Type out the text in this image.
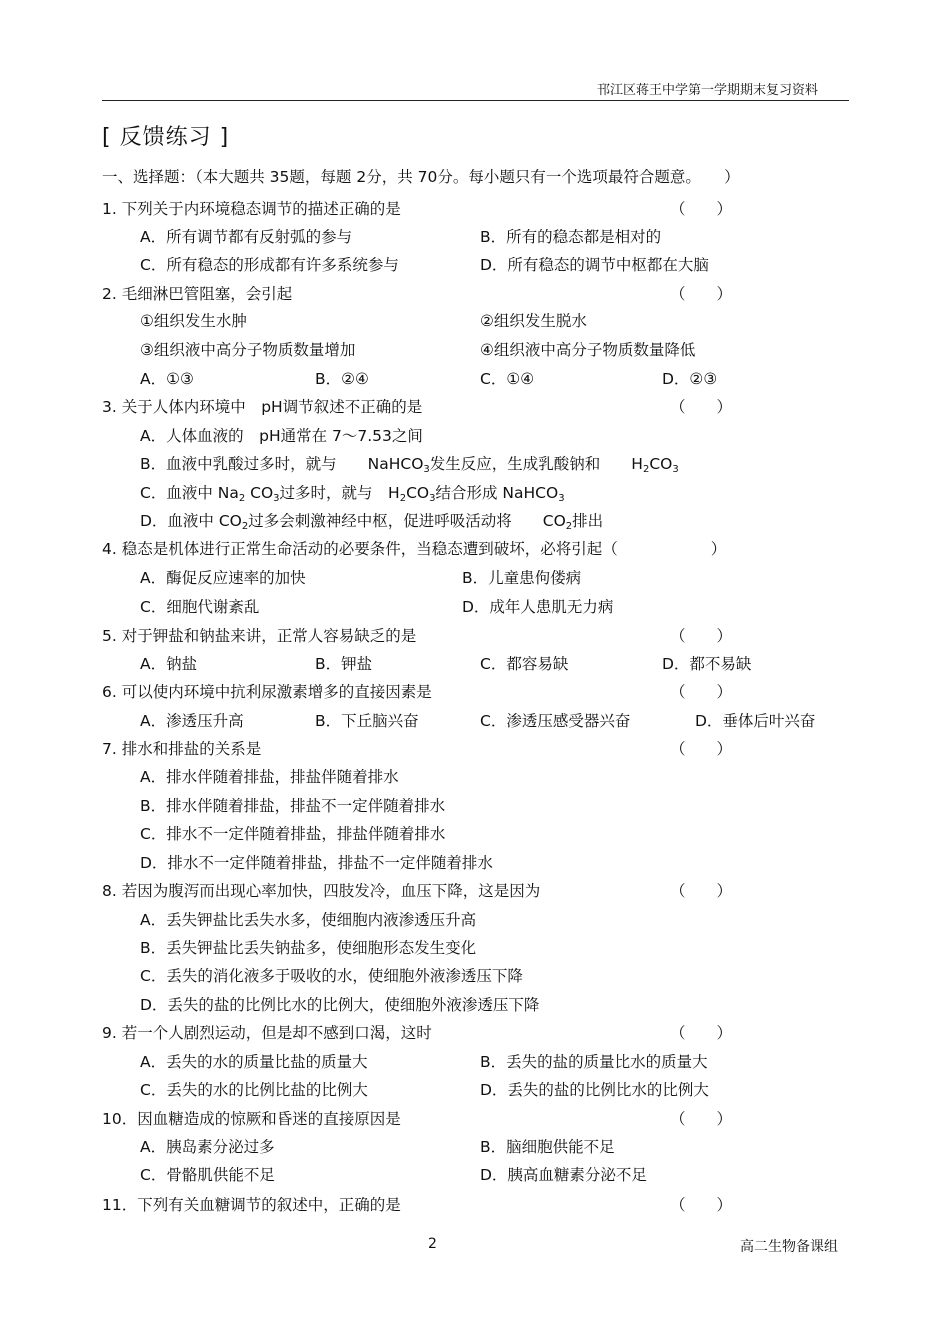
邗江区蒋王中学第一学期期末复习资料
[ 反馈练习 ]
一、选择题：（本大题共 35题，每题 2分，共 70分。每小题只有一个选项最符合题意。　　）
1. 下列关于内环境稳态调节的描述正确的是	（　　）
A．所有调节都有反射弧的参与	B．所有的稳态都是相对的
C．所有稳态的形成都有许多系统参与	D．所有稳态的调节中枢都在大脑
2. 毛细淋巴管阻塞，会引起	（　　）
①组织发生水肿	②组织发生脱水
③组织液中高分子物质数量增加	④组织液中高分子物质数量降低
A．①③	B．②④	C．①④	D．②③
3. 关于人体内环境中　pH调节叙述不正确的是	（　　）
A．人体血液的　pH通常在 7～7.53之间
B．血液中乳酸过多时，就与　　NaHCO$_3$发生反应，生成乳酸钠和　　$H_2CO_3$
C．血液中 $Na_2$ $CO_3$过多时，就与　$H_2CO_3$结合形成 NaHCO$_3$
D．血液中 $CO_2$过多会刺激神经中枢，促进呼吸活动将　　$CO_2$排出
4. 稳态是机体进行正常生命活动的必要条件，当稳态遭到破坏，必将引起（　　　　　　）
A．酶促反应速率的加快	B．儿童患佝偻病
C．细胞代谢紊乱	D．成年人患肌无力病
5. 对于钾盐和钠盐来讲，正常人容易缺乏的是	（　　）
A．钠盐	B．钾盐	C．都容易缺	D．都不易缺
6. 可以使内环境中抗利尿激素增多的直接因素是	（　　）
A．渗透压升高	B．下丘脑兴奋	C．渗透压感受器兴奋	D．垂体后叶兴奋
7. 排水和排盐的关系是	（　　）
A．排水伴随着排盐，排盐伴随着排水
B．排水伴随着排盐，排盐不一定伴随着排水
C．排水不一定伴随着排盐，排盐伴随着排水
D．排水不一定伴随着排盐，排盐不一定伴随着排水
8. 若因为腹泻而出现心率加快，四肢发冷，血压下降，这是因为	（　　）
A．丢失钾盐比丢失水多，使细胞内液渗透压升高
B．丢失钾盐比丢失钠盐多，使细胞形态发生变化
C．丢失的消化液多于吸收的水，使细胞外液渗透压下降
D．丢失的盐的比例比水的比例大，使细胞外液渗透压下降
9. 若一个人剧烈运动，但是却不感到口渴，这时	（　　）
A．丢失的水的质量比盐的质量大	B．丢失的盐的质量比水的质量大
C．丢失的水的比例比盐的比例大	D．丢失的盐的比例比水的比例大
10．因血糖造成的惊厥和昏迷的直接原因是	（　　）
A．胰岛素分泌过多	B．脑细胞供能不足
C．骨骼肌供能不足	D．胰高血糖素分泌不足
11．下列有关血糖调节的叙述中，正确的是	（　　）
2	高二生物备课组
